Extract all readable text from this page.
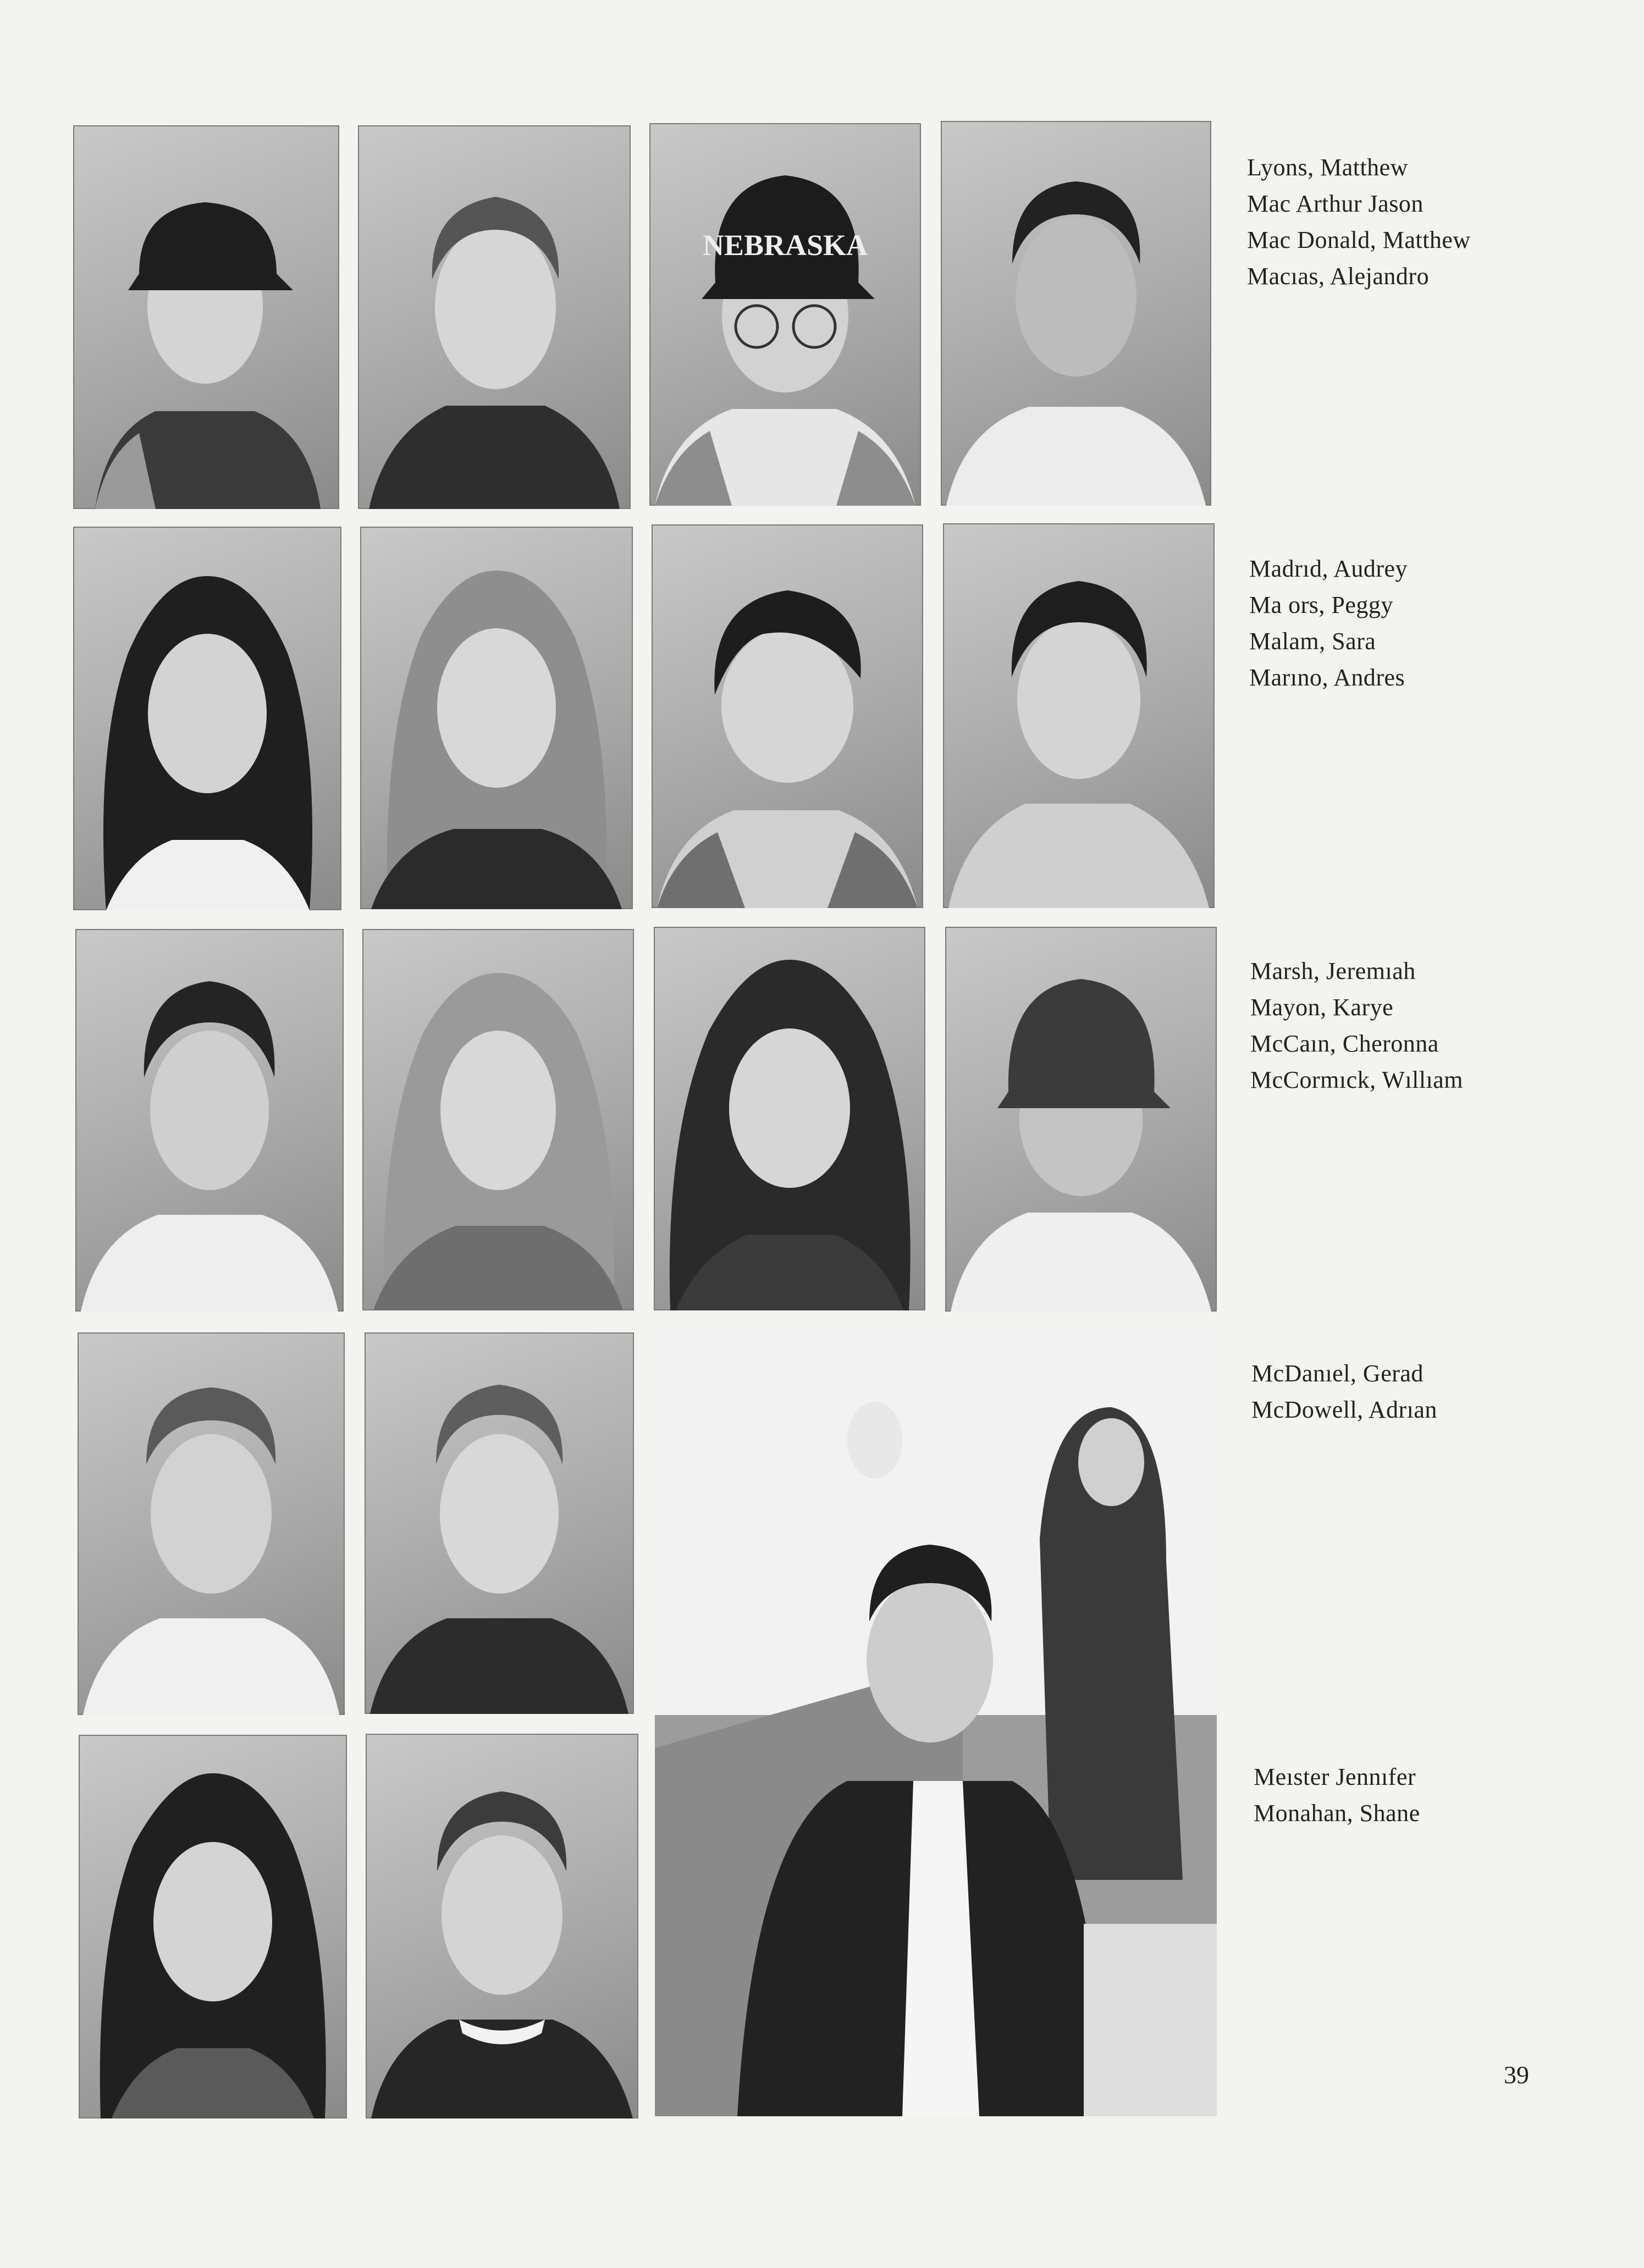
NEBRASKA
Lyons, Matthew
Mac Arthur Jason
Mac Donald, Matthew
Macıas, Alejandro
Madrıd, Audrey
Ma ors, Peggy
Malam, Sara
Marıno, Andres
Marsh, Jeremıah
Mayon, Karye
McCaın, Cheronna
McCormıck, Wıllıam
McDanıel, Gerad
McDowell, Adrıan
Meıster Jennıfer
Monahan, Shane
39
